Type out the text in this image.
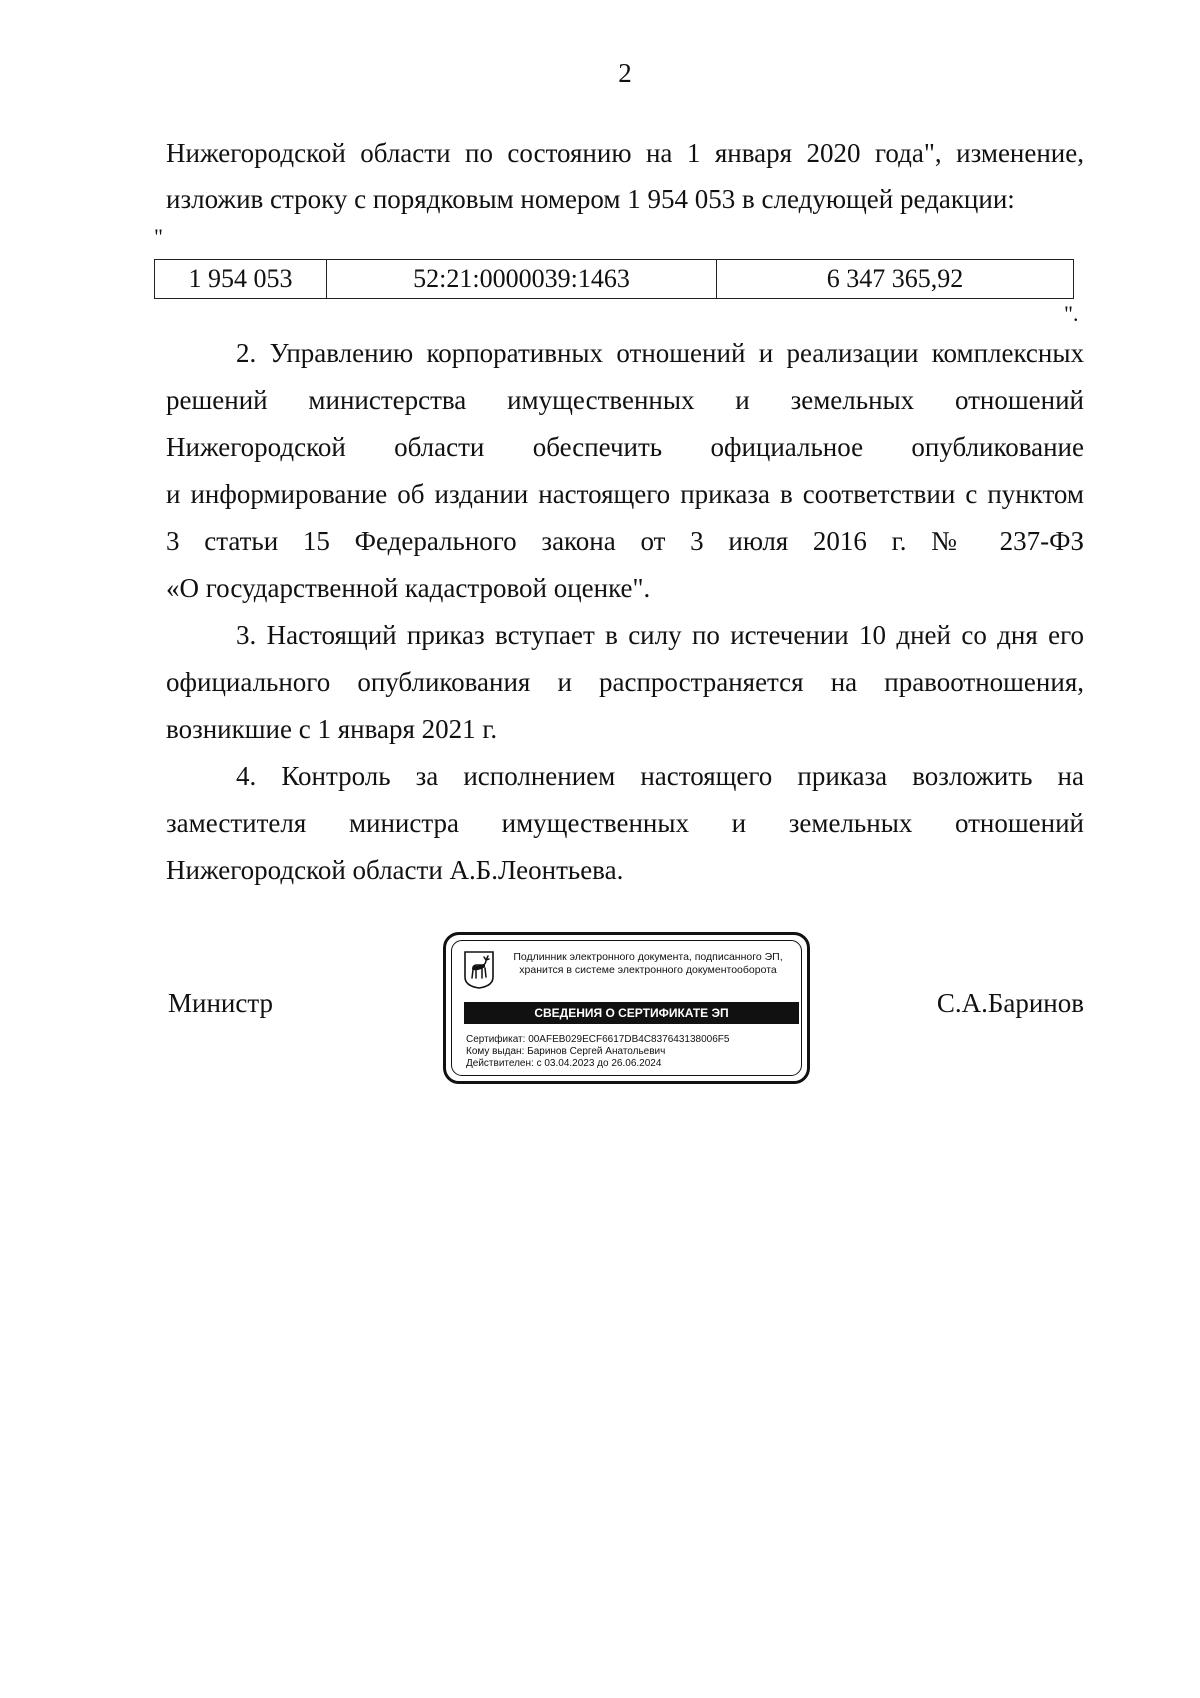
2
Нижегородской области по состоянию на 1 января 2020 года", изменение,
изложив строку с порядковым номером 1 954 053 в следующей редакции:
"
1 954 053	52:21:0000039:1463	6 347 365,92
".
2. Управлению корпоративных отношений и реализации комплексных
решений министерства имущественных и земельных отношений
Нижегородской области обеспечить официальное опубликование
и информирование об издании настоящего приказа в соответствии с пунктом
3 статьи 15 Федерального закона от 3 июля 2016 г. № 237-ФЗ
«О государственной кадастровой оценке".
3. Настоящий приказ вступает в силу по истечении 10 дней со дня его
официального опубликования и распространяется на правоотношения,
возникшие с 1 января 2021 г.
4. Контроль за исполнением настоящего приказа возложить на
заместителя министра имущественных и земельных отношений
Нижегородской области А.Б.Леонтьева.
Министр	С.А.Баринов
Подлинник электронного документа, подписанного ЭП,
хранится в системе электронного документооборота
СВЕДЕНИЯ О СЕРТИФИКАТЕ ЭП
Сертификат: 00AFEB029ECF6617DB4C837643138006F5
Кому выдан: Баринов Сергей Анатольевич
Действителен: с 03.04.2023 до 26.06.2024
